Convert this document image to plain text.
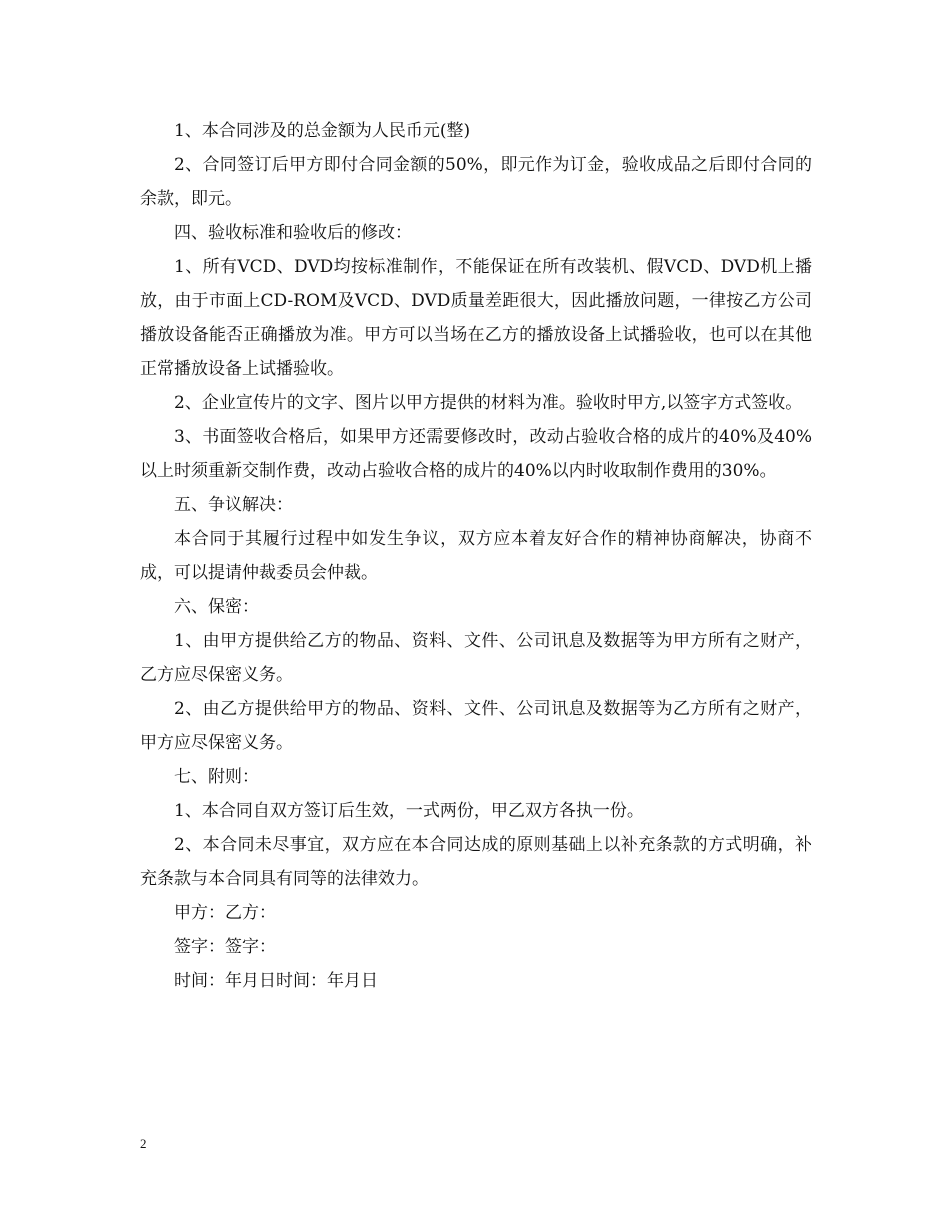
1、本合同涉及的总金额为人民币元(整)

2、合同签订后甲方即付合同金额的50%，即元作为订金，验收成品之后即付合同的余款，即元。

四、验收标准和验收后的修改：

1、所有VCD、DVD均按标准制作，不能保证在所有改装机、假VCD、DVD机上播放，由于市面上CD-ROM及VCD、DVD质量差距很大，因此播放问题，一律按乙方公司播放设备能否正确播放为准。甲方可以当场在乙方的播放设备上试播验收，也可以在其他正常播放设备上试播验收。

2、企业宣传片的文字、图片以甲方提供的材料为准。验收时甲方,以签字方式签收。

3、书面签收合格后，如果甲方还需要修改时，改动占验收合格的成片的40%及40%以上时须重新交制作费，改动占验收合格的成片的40%以内时收取制作费用的30%。

五、争议解决：

本合同于其履行过程中如发生争议，双方应本着友好合作的精神协商解决，协商不成，可以提请仲裁委员会仲裁。

六、保密：

1、由甲方提供给乙方的物品、资料、文件、公司讯息及数据等为甲方所有之财产，乙方应尽保密义务。

2、由乙方提供给甲方的物品、资料、文件、公司讯息及数据等为乙方所有之财产，甲方应尽保密义务。

七、附则：

1、本合同自双方签订后生效，一式两份，甲乙双方各执一份。

2、本合同未尽事宜，双方应在本合同达成的原则基础上以补充条款的方式明确，补充条款与本合同具有同等的法律效力。

甲方：乙方：

签字：签字：

时间：年月日时间：年月日

2
